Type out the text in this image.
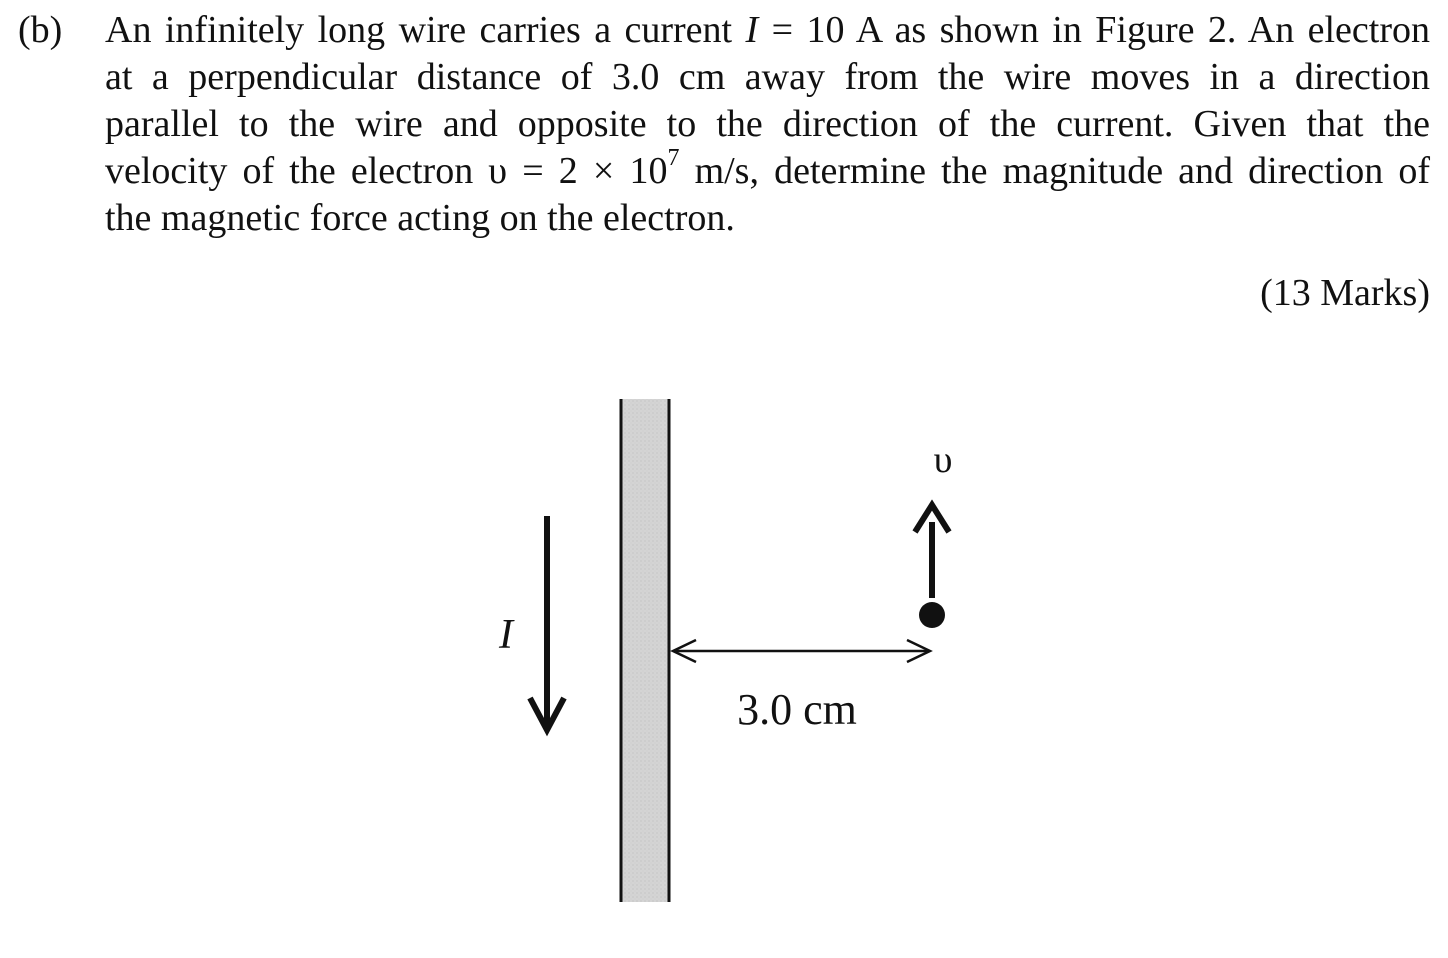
(b) An infinitely long wire carries a current I = 10 A as shown in Figure 2. An electron
at a perpendicular distance of 3.0 cm away from the wire moves in a direction
parallel to the wire and opposite to the direction of the current. Given that the
velocity of the electron $\upsilon = 2 \times 10^7$ m/s, determine the magnitude and direction of
the magnetic force acting on the electron.
(13 Marks)
I
υ
3.0 cm
